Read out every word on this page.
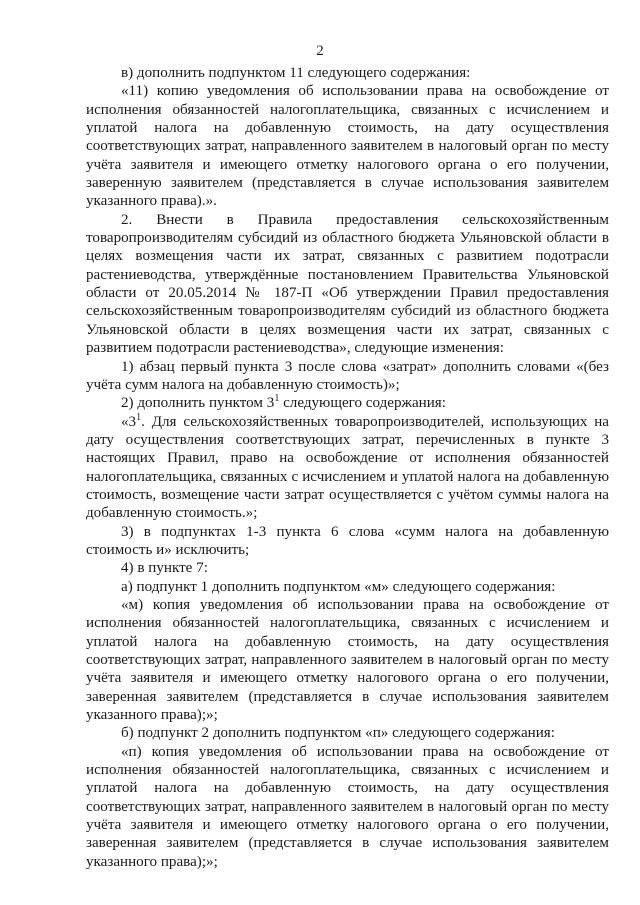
2

в) дополнить подпунктом 11 следующего содержания:

«11) копию уведомления об использовании права на освобождение от исполнения обязанностей налогоплательщика, связанных с исчислением и уплатой налога на добавленную стоимость, на дату осуществления соответствующих затрат, направленного заявителем в налоговый орган по месту учёта заявителя и имеющего отметку налогового органа о его получении, заверенную заявителем (представляется в случае использования заявителем указанного права).».

2. Внести в Правила предоставления сельскохозяйственным товаропроизводителям субсидий из областного бюджета Ульяновской области в целях возмещения части их затрат, связанных с развитием подотрасли растениеводства, утверждённые постановлением Правительства Ульяновской области от 20.05.2014 № 187-П «Об утверждении Правил предоставления сельскохозяйственным товаропроизводителям субсидий из областного бюджета Ульяновской области в целях возмещения части их затрат, связанных с развитием подотрасли растениеводства», следующие изменения:

1) абзац первый пункта 3 после слова «затрат» дополнить словами «(без учёта сумм налога на добавленную стоимость)»;

2) дополнить пунктом $3^1$ следующего содержания:

«$3^1$. Для сельскохозяйственных товаропроизводителей, использующих на дату осуществления соответствующих затрат, перечисленных в пункте 3 настоящих Правил, право на освобождение от исполнения обязанностей налогоплательщика, связанных с исчислением и уплатой налога на добавленную стоимость, возмещение части затрат осуществляется с учётом суммы налога на добавленную стоимость.»;

3) в подпунктах 1-3 пункта 6 слова «сумм налога на добавленную стоимость и» исключить;

4) в пункте 7:

а) подпункт 1 дополнить подпунктом «м» следующего содержания:

«м) копия уведомления об использовании права на освобождение от исполнения обязанностей налогоплательщика, связанных с исчислением и уплатой налога на добавленную стоимость, на дату осуществления соответствующих затрат, направленного заявителем в налоговый орган по месту учёта заявителя и имеющего отметку налогового органа о его получении, заверенная заявителем (представляется в случае использования заявителем указанного права);»;

б) подпункт 2 дополнить подпунктом «п» следующего содержания:

«п) копия уведомления об использовании права на освобождение от исполнения обязанностей налогоплательщика, связанных с исчислением и уплатой налога на добавленную стоимость, на дату осуществления соответствующих затрат, направленного заявителем в налоговый орган по месту учёта заявителя и имеющего отметку налогового органа о его получении, заверенная заявителем (представляется в случае использования заявителем указанного права);»;
